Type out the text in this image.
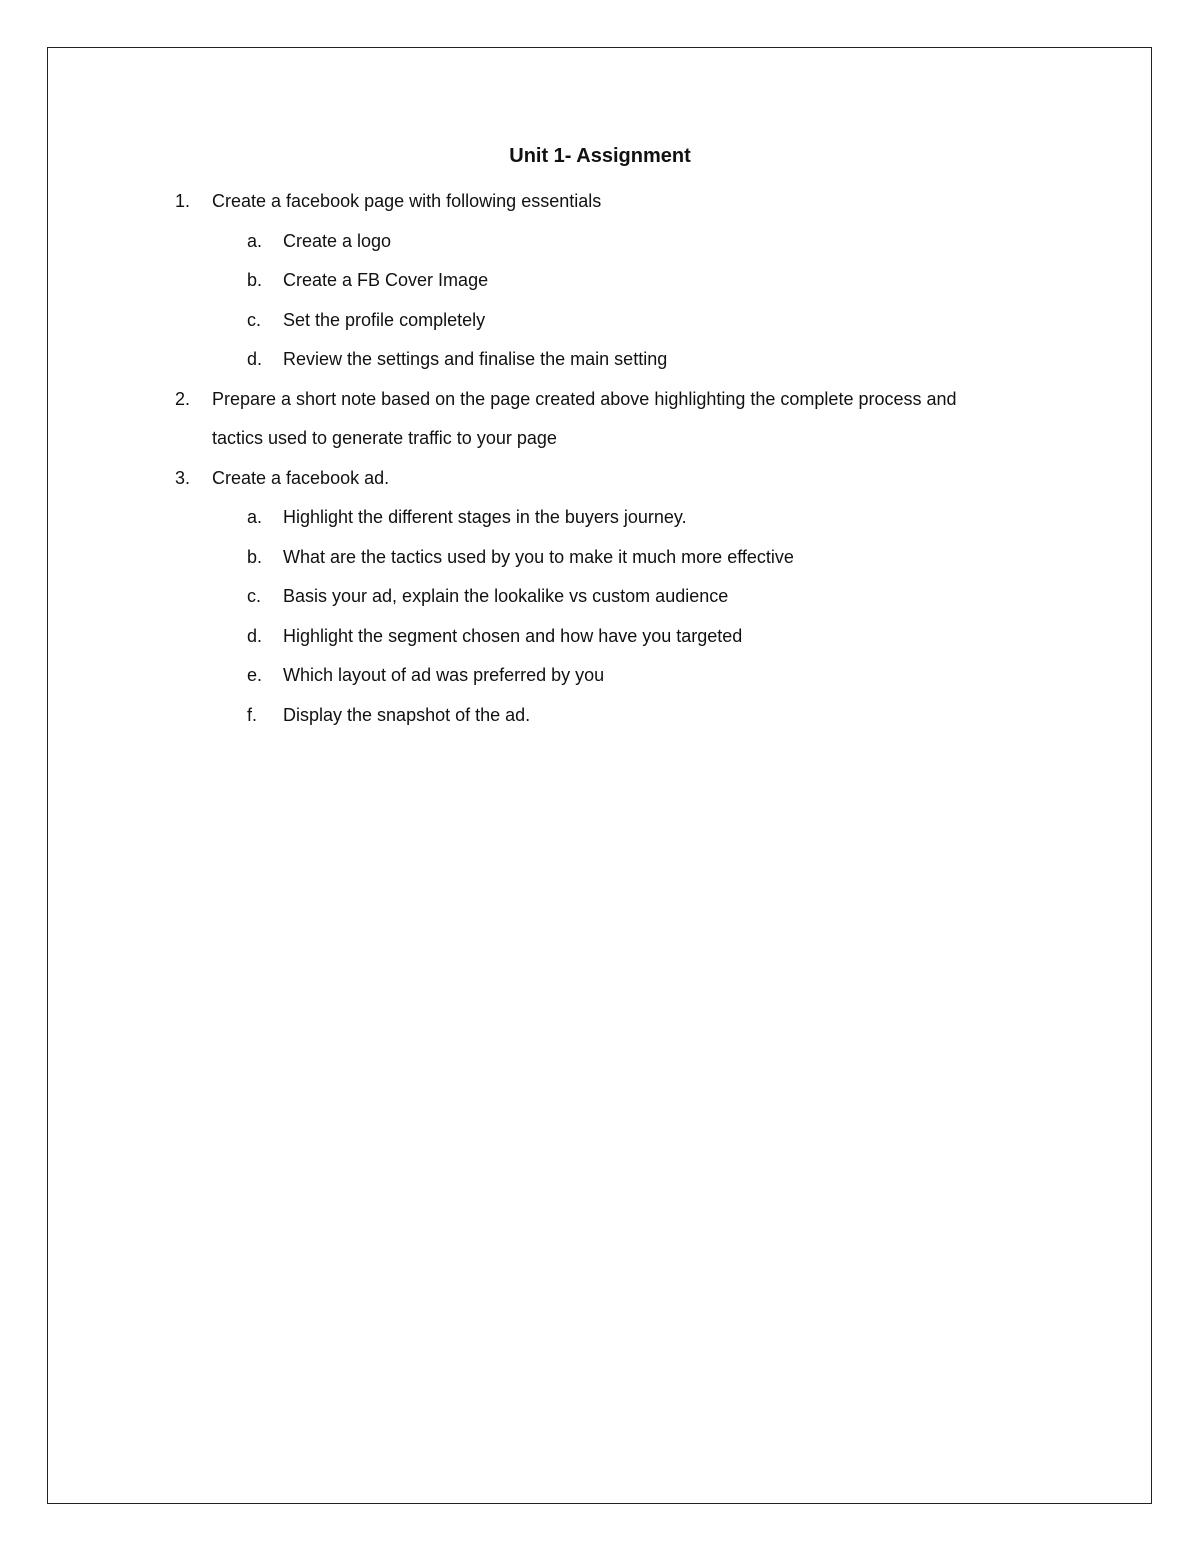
Unit 1- Assignment
1. Create a facebook page with following essentials
a. Create a logo
b. Create a FB Cover Image
c. Set the profile completely
d. Review the settings and finalise the main setting
2. Prepare a short note based on the page created above highlighting the complete process and
tactics used to generate traffic to your page
3. Create a facebook ad.
a. Highlight the different stages in the buyers journey.
b. What are the tactics used by you to make it much more effective
c. Basis your ad, explain the lookalike vs custom audience
d. Highlight the segment chosen and how have you targeted
e. Which layout of ad was preferred by you
f. Display the snapshot of the ad.
